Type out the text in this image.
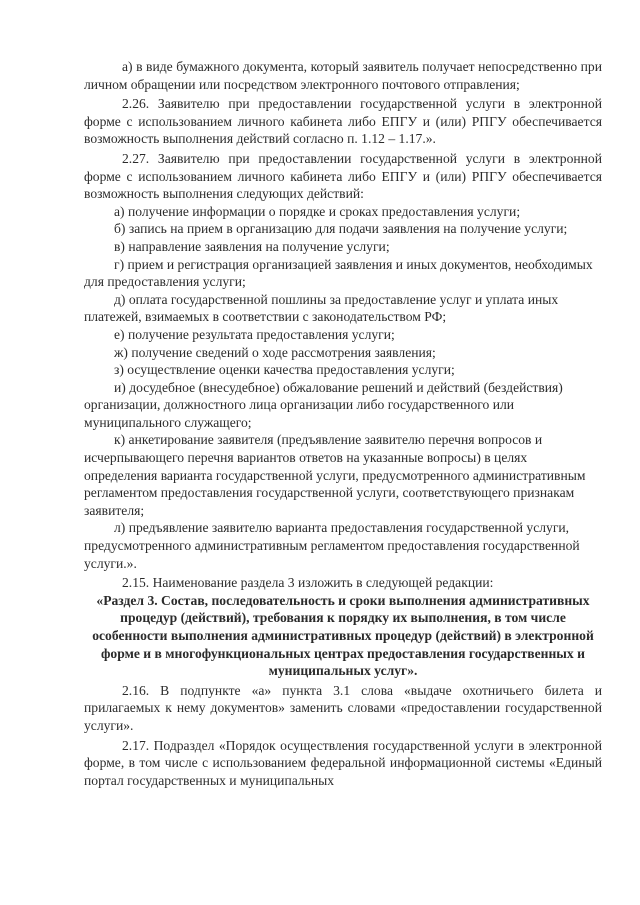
а) в виде бумажного документа, который заявитель получает непосредственно при личном обращении или посредством электронного почтового отправления;

2.26. Заявителю при предоставлении государственной услуги в электронной форме с использованием личного кабинета либо ЕПГУ и (или) РПГУ обеспечивается возможность выполнения действий согласно п. 1.12 – 1.17.».

2.27. Заявителю при предоставлении государственной услуги в электронной форме с использованием личного кабинета либо ЕПГУ и (или) РПГУ обеспечивается возможность выполнения следующих действий:

а) получение информации о порядке и сроках предоставления услуги;

б) запись на прием в организацию для подачи заявления на получение услуги;

в) направление заявления на получение услуги;

г) прием и регистрация организацией заявления и иных документов, необходимых для предоставления услуги;

д) оплата государственной пошлины за предоставление услуг и уплата иных платежей, взимаемых в соответствии с законодательством РФ;

е) получение результата предоставления услуги;

ж) получение сведений о ходе рассмотрения заявления;

з) осуществление оценки качества предоставления услуги;

и) досудебное (внесудебное) обжалование решений и действий (бездействия) организации, должностного лица организации либо государственного или муниципального служащего;

к) анкетирование заявителя (предъявление заявителю перечня вопросов и исчерпывающего перечня вариантов ответов на указанные вопросы) в целях определения варианта государственной услуги, предусмотренного административным регламентом предоставления государственной услуги, соответствующего признакам заявителя;

л) предъявление заявителю варианта предоставления государственной услуги, предусмотренного административным регламентом предоставления государственной услуги.».

2.15. Наименование раздела 3 изложить в следующей редакции:

«Раздел 3. Состав, последовательность и сроки выполнения административных процедур (действий), требования к порядку их выполнения, в том числе особенности выполнения административных процедур (действий) в электронной форме и в многофункциональных центрах предоставления государственных и муниципальных услуг».

2.16. В подпункте «а» пункта 3.1 слова «выдаче охотничьего билета и прилагаемых к нему документов» заменить словами «предоставлении государственной услуги».

2.17. Подраздел «Порядок осуществления государственной услуги в электронной форме, в том числе с использованием федеральной информационной системы «Единый портал государственных и муниципальных
